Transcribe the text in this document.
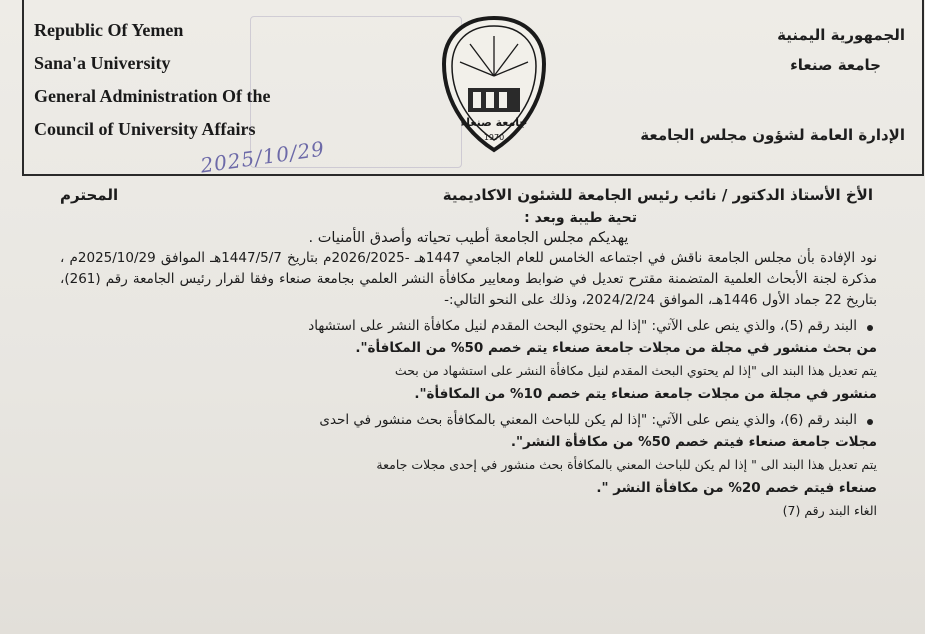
Republic Of Yemen
Sana'a University
General Administration Of the
Council of University Affairs	جامعة صنعاء
1970
2025/10/29
الجمهورية اليمنية
جامعة صنعاء
الإدارة العامة لشؤون مجلس الجامعة
الأخ الأستاذ الدكتور / نائب رئيس الجامعة للشئون الاكاديمية
المحترم
تحية طيبة وبعد :
يهديكم مجلس الجامعة أطيب تحياته وأصدق الأمنيات .
نود الإفادة بأن مجلس الجامعة ناقش في اجتماعه الخامس للعام الجامعي 1447هـ -2026/2025م بتاريخ 1447/5/7هـ الموافق 2025/10/29م ، مذكرة لجنة الأبحاث العلمية المتضمنة مقترح تعديل في ضوابط ومعايير مكافأة النشر العلمي بجامعة صنعاء وفقا لقرار رئيس الجامعة رقم (261)، بتاريخ 22 جماد الأول 1446هـ، الموافق 2024/2/24، وذلك على النحو التالي:-
البند رقم (5)، والذي ينص على الآتي: "إذا لم يحتوي البحث المقدم لنيل مكافأة النشر على استشهاد
من بحث منشور في مجلة من مجلات جامعة صنعاء يتم خصم 50% من المكافأة".
يتم تعديل هذا البند الى "إذا لم يحتوي البحث المقدم لنيل مكافأة النشر على استشهاد من بحث
منشور في مجلة من مجلات جامعة صنعاء يتم خصم 10% من المكافأة".
البند رقم (6)، والذي ينص على الآتي: "إذا لم يكن للباحث المعني بالمكافأة بحث منشور في احدى
مجلات جامعة صنعاء فيتم خصم 50% من مكافأة النشر".
يتم تعديل هذا البند الى " إذا لم يكن للباحث المعني بالمكافأة بحث منشور في إحدى مجلات جامعة
صنعاء فيتم خصم 20% من مكافأة النشر ".
الغاء البند رقم (7)
